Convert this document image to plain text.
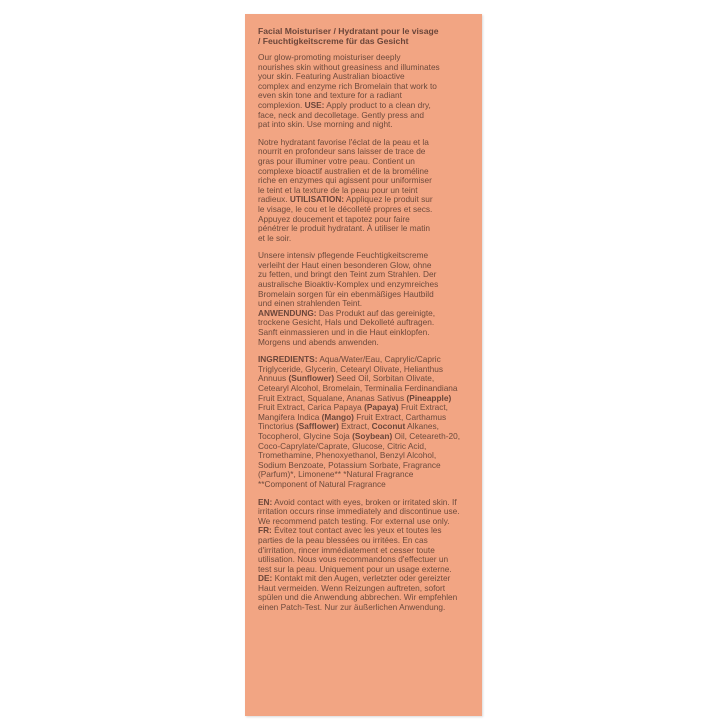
Facial Moisturiser / Hydratant pour le visage
/ Feuchtigkeitscreme für das Gesicht

Our glow-promoting moisturiser deeply
nourishes skin without greasiness and illuminates
your skin. Featuring Australian bioactive
complex and enzyme rich Bromelain that work to
even skin tone and texture for a radiant
complexion. USE: Apply product to a clean dry,
face, neck and decolletage. Gently press and
pat into skin. Use morning and night.

Notre hydratant favorise l'éclat de la peau et la
nourrit en profondeur sans laisser de trace de
gras pour illuminer votre peau. Contient un
complexe bioactif australien et de la broméline
riche en enzymes qui agissent pour uniformiser
le teint et la texture de la peau pour un teint
radieux. UTILISATION: Appliquez le produit sur
le visage, le cou et le décolleté propres et secs.
Appuyez doucement et tapotez pour faire
pénétrer le produit hydratant. À utiliser le matin
et le soir.

Unsere intensiv pflegende Feuchtigkeitscreme
verleiht der Haut einen besonderen Glow, ohne
zu fetten, und bringt den Teint zum Strahlen. Der
australische Bioaktiv-Komplex und enzymreiches
Bromelain sorgen für ein ebenmäßiges Hautbild
und einen strahlenden Teint.
ANWENDUNG: Das Produkt auf das gereinigte,
trockene Gesicht, Hals und Dekolleté auftragen.
Sanft einmassieren und in die Haut einklopfen.
Morgens und abends anwenden.

INGREDIENTS: Aqua/Water/Eau, Caprylic/Capric
Triglyceride, Glycerin, Cetearyl Olivate, Helianthus
Annuus (Sunflower) Seed Oil, Sorbitan Olivate,
Cetearyl Alcohol, Bromelain, Terminalia Ferdinandiana
Fruit Extract, Squalane, Ananas Sativus (Pineapple)
Fruit Extract, Carica Papaya (Papaya) Fruit Extract,
Mangifera Indica (Mango) Fruit Extract, Carthamus
Tinctorius (Safflower) Extract, Coconut Alkanes,
Tocopherol, Glycine Soja (Soybean) Oil, Ceteareth-20,
Coco-Caprylate/Caprate, Glucose, Citric Acid,
Tromethamine, Phenoxyethanol, Benzyl Alcohol,
Sodium Benzoate, Potassium Sorbate, Fragrance
(Parfum)*, Limonene** *Natural Fragrance
**Component of Natural Fragrance

EN: Avoid contact with eyes, broken or irritated skin. If
irritation occurs rinse immediately and discontinue use.
We recommend patch testing. For external use only.
FR: Évitez tout contact avec les yeux et toutes les
parties de la peau blessées ou irritées. En cas
d'irritation, rincer immédiatement et cesser toute
utilisation. Nous vous recommandons d'effectuer un
test sur la peau. Uniquement pour un usage externe.
DE: Kontakt mit den Augen, verletzter oder gereizter
Haut vermeiden. Wenn Reizungen auftreten, sofort
spülen und die Anwendung abbrechen. Wir empfehlen
einen Patch-Test. Nur zur äußerlichen Anwendung.
